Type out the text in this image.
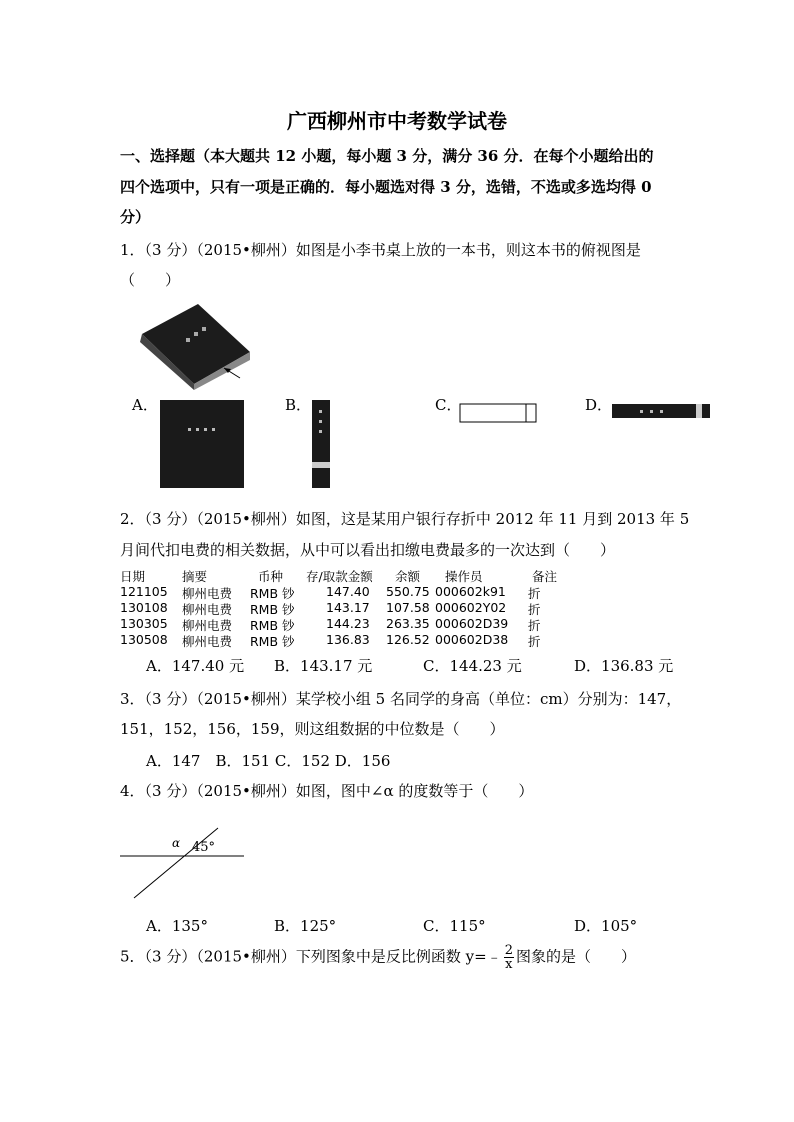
广西柳州市中考数学试卷
一、选择题（本大题共 12 小题，每小题 3 分，满分 36 分．在每个小题给出的
四个选项中，只有一项是正确的．每小题选对得 3 分，选错，不选或多选均得 0
分）
1．（3 分）（2015•柳州）如图是小李书桌上放的一本书，则这本书的俯视图是
（　　）
A．	B．	C．	D．
2．（3 分）（2015•柳州）如图，这是某用户银行存折中 2012 年 11 月到 2013 年 5
月间代扣电费的相关数据，从中可以看出扣缴电费最多的一次达到（　　）
日期	摘要	币种 存/取款金额 余额 操作员	备注
121105 柳州电费 RMB 钞	147.40 550.75 000602k91 折
130108 柳州电费 RMB 钞	143.17 107.58 000602Y02 折
130305 柳州电费 RMB 钞	144.23 263.35 000602D39 折
130508 柳州电费 RMB 钞	136.83 126.52 000602D38 折
A．147.40 元 B．143.17 元	C．144.23 元	D．136.83 元
3．（3 分）（2015•柳州）某学校小组 5 名同学的身高（单位：cm）分别为：147，
151，152，156，159，则这组数据的中位数是（　　）
A．147　B．151 C．152 D．156
4．（3 分）（2015•柳州）如图，图中∠α 的度数等于（　　）
α 45°
A．135°	B．125°	C．115°	D．105°
5．（3 分）（2015•柳州）下列图象中是反比例函数 y=﹣ $\frac{2}{x}$ 图象的是（　　）
